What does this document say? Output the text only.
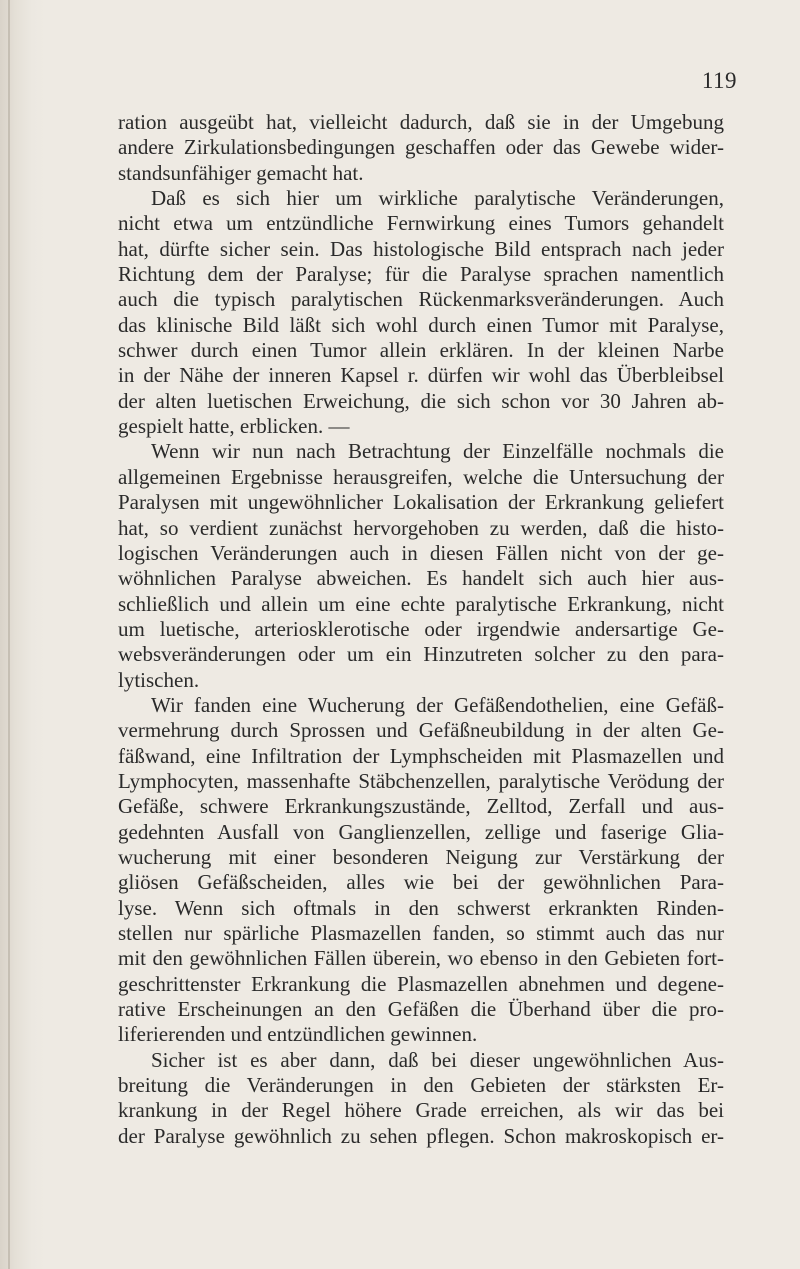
119
ration ausgeübt hat, vielleicht dadurch, daß sie in der Umgebung
andere Zirkulationsbedingungen geschaffen oder das Gewebe wider-
standsunfähiger gemacht hat.
Daß es sich hier um wirkliche paralytische Veränderungen,
nicht etwa um entzündliche Fernwirkung eines Tumors gehandelt
hat, dürfte sicher sein. Das histologische Bild entsprach nach jeder
Richtung dem der Paralyse; für die Paralyse sprachen namentlich
auch die typisch paralytischen Rückenmarksveränderungen. Auch
das klinische Bild läßt sich wohl durch einen Tumor mit Paralyse,
schwer durch einen Tumor allein erklären. In der kleinen Narbe
in der Nähe der inneren Kapsel r. dürfen wir wohl das Überbleibsel
der alten luetischen Erweichung, die sich schon vor 30 Jahren ab-
gespielt hatte, erblicken. —
Wenn wir nun nach Betrachtung der Einzelfälle nochmals die
allgemeinen Ergebnisse herausgreifen, welche die Untersuchung der
Paralysen mit ungewöhnlicher Lokalisation der Erkrankung geliefert
hat, so verdient zunächst hervorgehoben zu werden, daß die histo-
logischen Veränderungen auch in diesen Fällen nicht von der ge-
wöhnlichen Paralyse abweichen. Es handelt sich auch hier aus-
schließlich und allein um eine echte paralytische Erkrankung, nicht
um luetische, arteriosklerotische oder irgendwie andersartige Ge-
websveränderungen oder um ein Hinzutreten solcher zu den para-
lytischen.
Wir fanden eine Wucherung der Gefäßendothelien, eine Gefäß-
vermehrung durch Sprossen und Gefäßneubildung in der alten Ge-
fäßwand, eine Infiltration der Lymphscheiden mit Plasmazellen und
Lymphocyten, massenhafte Stäbchenzellen, paralytische Verödung der
Gefäße, schwere Erkrankungszustände, Zelltod, Zerfall und aus-
gedehnten Ausfall von Ganglienzellen, zellige und faserige Glia-
wucherung mit einer besonderen Neigung zur Verstärkung der
gliösen Gefäßscheiden, alles wie bei der gewöhnlichen Para-
lyse. Wenn sich oftmals in den schwerst erkrankten Rinden-
stellen nur spärliche Plasmazellen fanden, so stimmt auch das nur
mit den gewöhnlichen Fällen überein, wo ebenso in den Gebieten fort-
geschrittenster Erkrankung die Plasmazellen abnehmen und degene-
rative Erscheinungen an den Gefäßen die Überhand über die pro-
liferierenden und entzündlichen gewinnen.
Sicher ist es aber dann, daß bei dieser ungewöhnlichen Aus-
breitung die Veränderungen in den Gebieten der stärksten Er-
krankung in der Regel höhere Grade erreichen, als wir das bei
der Paralyse gewöhnlich zu sehen pflegen. Schon makroskopisch er-
